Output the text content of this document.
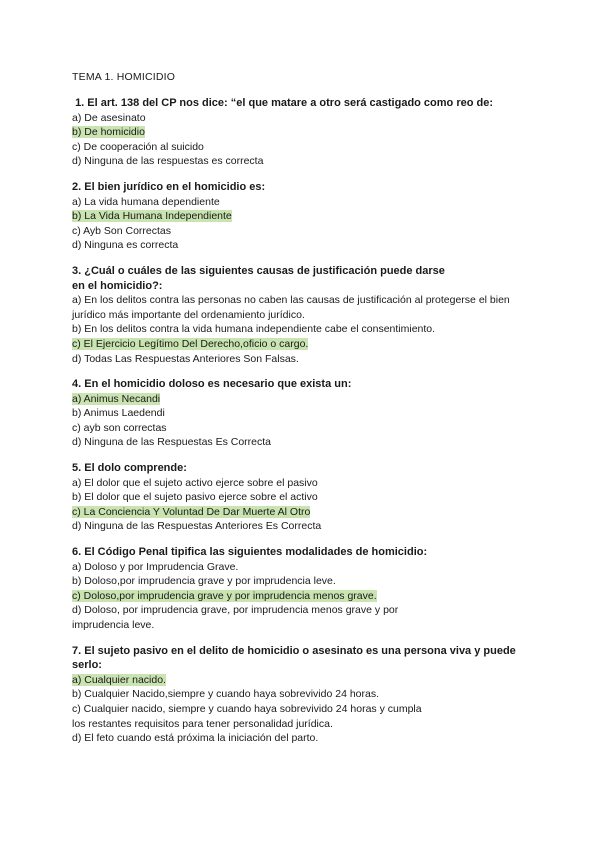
TEMA 1. HOMICIDIO
1. El art. 138 del CP nos dice: “el que matare a otro será castigado como reo de:
a) De asesinato
b) De homicidio
c) De cooperación al suicido
d) Ninguna de las respuestas es correcta
2. El bien jurídico en el homicidio es:
a) La vida humana dependiente
b) La Vida Humana Independiente
c) Ayb Son Correctas
d) Ninguna es correcta
3. ¿Cuál o cuáles de las siguientes causas de justificación puede darse
en el homicidio?:
a) En los delitos contra las personas no caben las causas de justificación al protegerse el bien jurídico más importante del ordenamiento jurídico.
b) En los delitos contra la vida humana independiente cabe el consentimiento.
c) El Ejercicio Legítimo Del Derecho,oficio o cargo.
d) Todas Las Respuestas Anteriores Son Falsas.
4. En el homicidio doloso es necesario que exista un:
a) Animus Necandi
b) Animus Laedendi
c) ayb son correctas
d) Ninguna de las Respuestas Es Correcta
5. El dolo comprende:
a) El dolor que el sujeto activo ejerce sobre el pasivo
b) El dolor que el sujeto pasivo ejerce sobre el activo
c) La Conciencia Y Voluntad De Dar Muerte Al Otro
d) Ninguna de las Respuestas Anteriores Es Correcta
6. El Código Penal tipifica las siguientes modalidades de homicidio:
a) Doloso y por Imprudencia Grave.
b) Doloso,por imprudencia grave y por imprudencia leve.
c) Doloso,por imprudencia grave y por imprudencia menos grave.
d) Doloso, por imprudencia grave, por imprudencia menos grave y por
imprudencia leve.
7. El sujeto pasivo en el delito de homicidio o asesinato es una persona viva y puede serlo:
a) Cualquier nacido.
b) Cualquier Nacido,siempre y cuando haya sobrevivido 24 horas.
c) Cualquier nacido, siempre y cuando haya sobrevivido 24 horas y cumpla
los restantes requisitos para tener personalidad jurídica.
d) El feto cuando está próxima la iniciación del parto.
